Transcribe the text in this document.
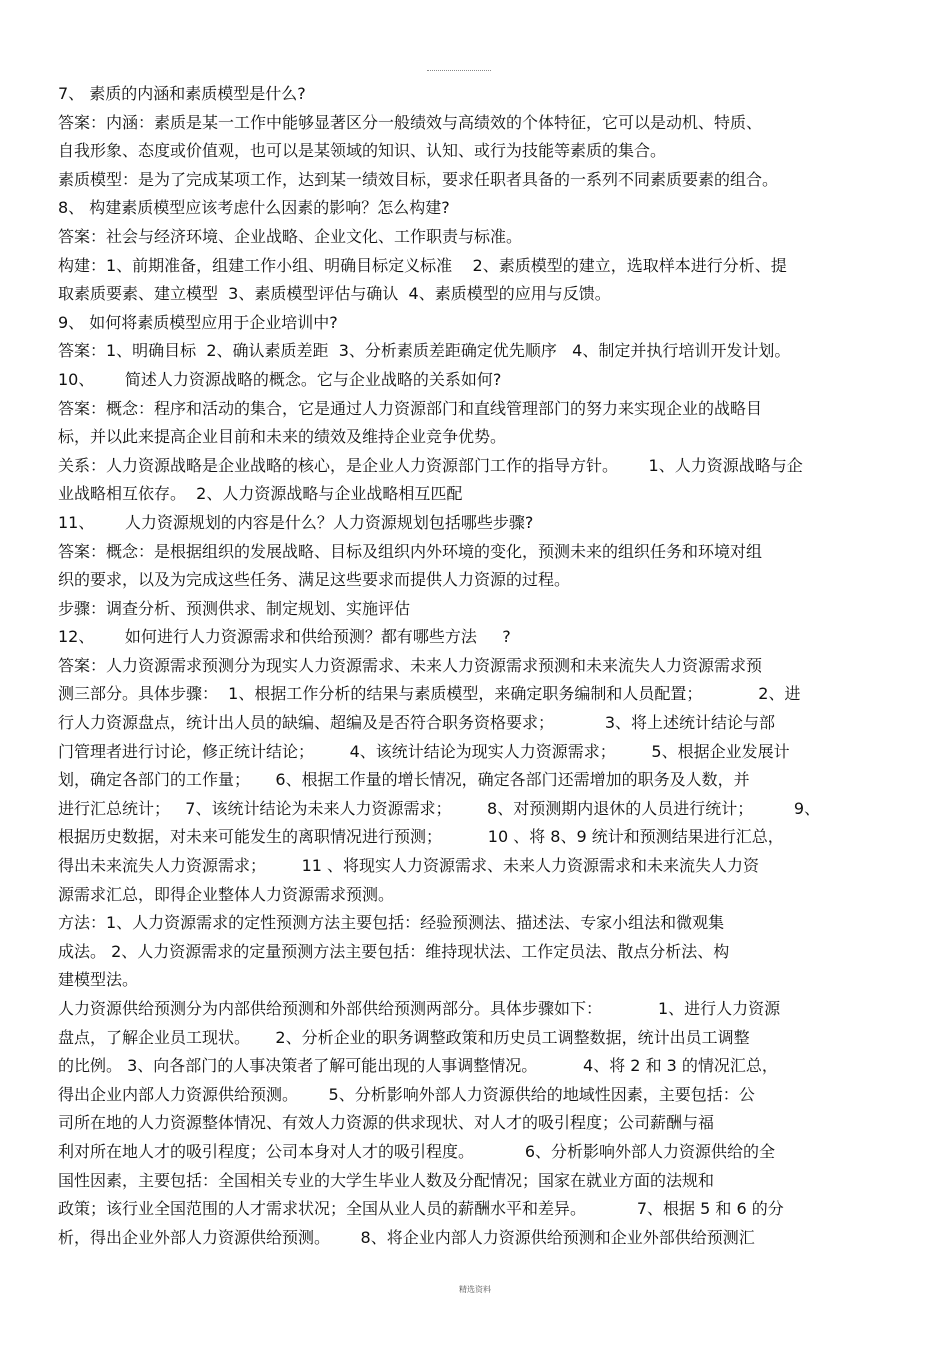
7、 素质的内涵和素质模型是什么?
答案：内涵：素质是某一工作中能够显著区分一般绩效与高绩效的个体特征，它可以是动机、特质、
自我形象、态度或价值观，也可以是某领域的知识、认知、或行为技能等素质的集合。
素质模型：是为了完成某项工作，达到某一绩效目标，要求任职者具备的一系列不同素质要素的组合。
8、 构建素质模型应该考虑什么因素的影响？怎么构建?
答案：社会与经济环境、企业战略、企业文化、工作职责与标准。
构建：1、前期准备，组建工作小组、明确目标定义标准    2、素质模型的建立，选取样本进行分析、提
取素质要素、建立模型  3、素质模型评估与确认  4、素质模型的应用与反馈。
9、 如何将素质模型应用于企业培训中?
答案：1、明确目标  2、确认素质差距  3、分析素质差距确定优先顺序   4、制定并执行培训开发计划。
10、      简述人力资源战略的概念。它与企业战略的关系如何?
答案：概念：程序和活动的集合，它是通过人力资源部门和直线管理部门的努力来实现企业的战略目
标，并以此来提高企业目前和未来的绩效及维持企业竞争优势。
关系：人力资源战略是企业战略的核心，是企业人力资源部门工作的指导方针。      1、人力资源战略与企
业战略相互依存。  2、人力资源战略与企业战略相互匹配
11、      人力资源规划的内容是什么？人力资源规划包括哪些步骤?
答案：概念：是根据组织的发展战略、目标及组织内外环境的变化，预测未来的组织任务和环境对组
织的要求，以及为完成这些任务、满足这些要求而提供人力资源的过程。
步骤：调查分析、预测供求、制定规划、实施评估
12、      如何进行人力资源需求和供给预测？都有哪些方法     ?
答案：人力资源需求预测分为现实人力资源需求、未来人力资源需求预测和未来流失人力资源需求预
测三部分。具体步骤：  1、根据工作分析的结果与素质模型，来确定职务编制和人员配置；           2、进
行人力资源盘点，统计出人员的缺编、超编及是否符合职务资格要求；          3、将上述统计结论与部
门管理者进行讨论，修正统计结论；       4、该统计结论为现实人力资源需求；       5、根据企业发展计
划，确定各部门的工作量；     6、根据工作量的增长情况，确定各部门还需增加的职务及人数，并
进行汇总统计；   7、该统计结论为未来人力资源需求；       8、对预测期内退休的人员进行统计；        9、
根据历史数据，对未来可能发生的离职情况进行预测；         10 、将 8、9 统计和预测结果进行汇总，
得出未来流失人力资源需求；       11 、将现实人力资源需求、未来人力资源需求和未来流失人力资
源需求汇总，即得企业整体人力资源需求预测。
方法：1、人力资源需求的定性预测方法主要包括：经验预测法、描述法、专家小组法和微观集
成法。 2、人力资源需求的定量预测方法主要包括：维持现状法、工作定员法、散点分析法、构
建模型法。
人力资源供给预测分为内部供给预测和外部供给预测两部分。具体步骤如下：           1、进行人力资源
盘点，了解企业员工现状。     2、分析企业的职务调整政策和历史员工调整数据，统计出员工调整
的比例。 3、向各部门的人事决策者了解可能出现的人事调整情况。         4、将 2 和 3 的情况汇总，
得出企业内部人力资源供给预测。      5、分析影响外部人力资源供给的地域性因素，主要包括：公
司所在地的人力资源整体情况、有效人力资源的供求现状、对人才的吸引程度；公司薪酬与福
利对所在地人才的吸引程度；公司本身对人才的吸引程度。          6、分析影响外部人力资源供给的全
国性因素，主要包括：全国相关专业的大学生毕业人数及分配情况；国家在就业方面的法规和
政策；该行业全国范围的人才需求状况；全国从业人员的薪酬水平和差异。          7、根据 5 和 6 的分
析，得出企业外部人力资源供给预测。      8、将企业内部人力资源供给预测和企业外部供给预测汇
精选资料
